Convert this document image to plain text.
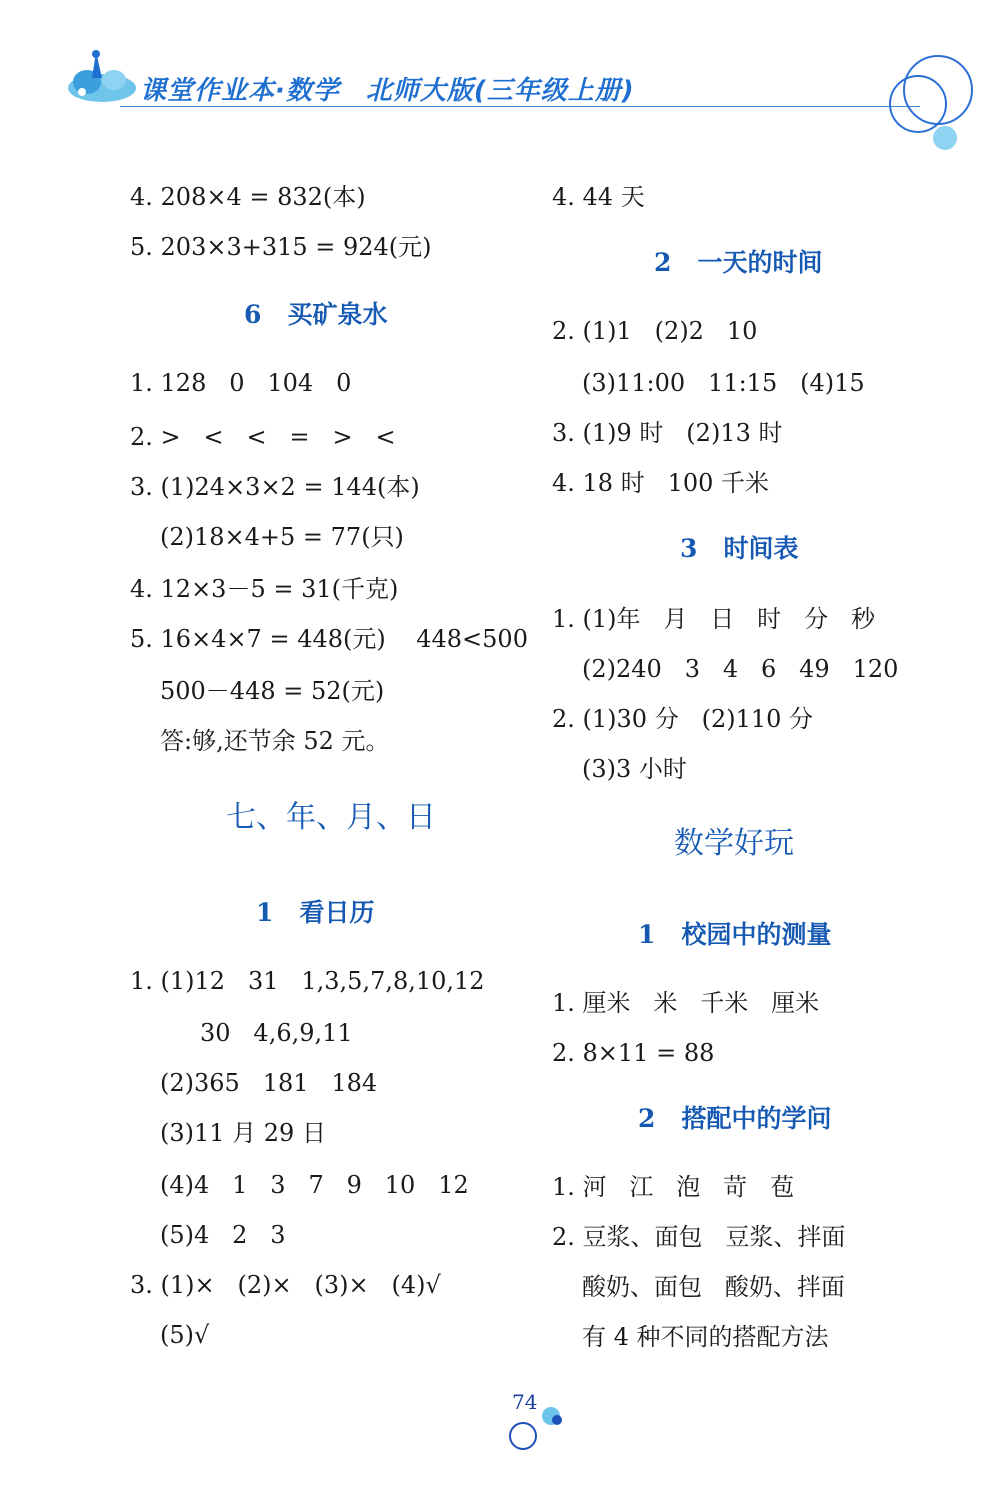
课堂作业本·数学 北师大版(三年级上册)
4. 208×4 = 832(本)
5. 203×3+315 = 924(元)
6   买矿泉水
1. 128   0   104   0
2. >   <   <   =   >   <
3. (1)24×3×2 = 144(本)
(2)18×4+5 = 77(只)
4. 12×3－5 = 31(千克)
5. 16×4×7 = 448(元)    448<500
500－448 = 52(元)
答:够,还节余 52 元。
七、年、月、日
1   看日历
1. (1)12   31   1,3,5,7,8,10,12
30   4,6,9,11
(2)365   181   184
(3)11 月 29 日
(4)4   1   3   7   9   10   12
(5)4   2   3
3. (1)×   (2)×   (3)×   (4)√
(5)√
4. 44 天
2   一天的时间
2. (1)1   (2)2   10
(3)11:00   11:15   (4)15
3. (1)9 时   (2)13 时
4. 18 时   100 千米
3   时间表
1. (1)年   月   日   时   分   秒
(2)240   3   4   6   49   120
2. (1)30 分   (2)110 分
(3)3 小时
数学好玩
1   校园中的测量
1. 厘米   米   千米   厘米
2. 8×11 = 88
2   搭配中的学问
1. 河   江   泡   苛   苞
2. 豆浆、面包   豆浆、拌面
酸奶、面包   酸奶、拌面
有 4 种不同的搭配方法
74
